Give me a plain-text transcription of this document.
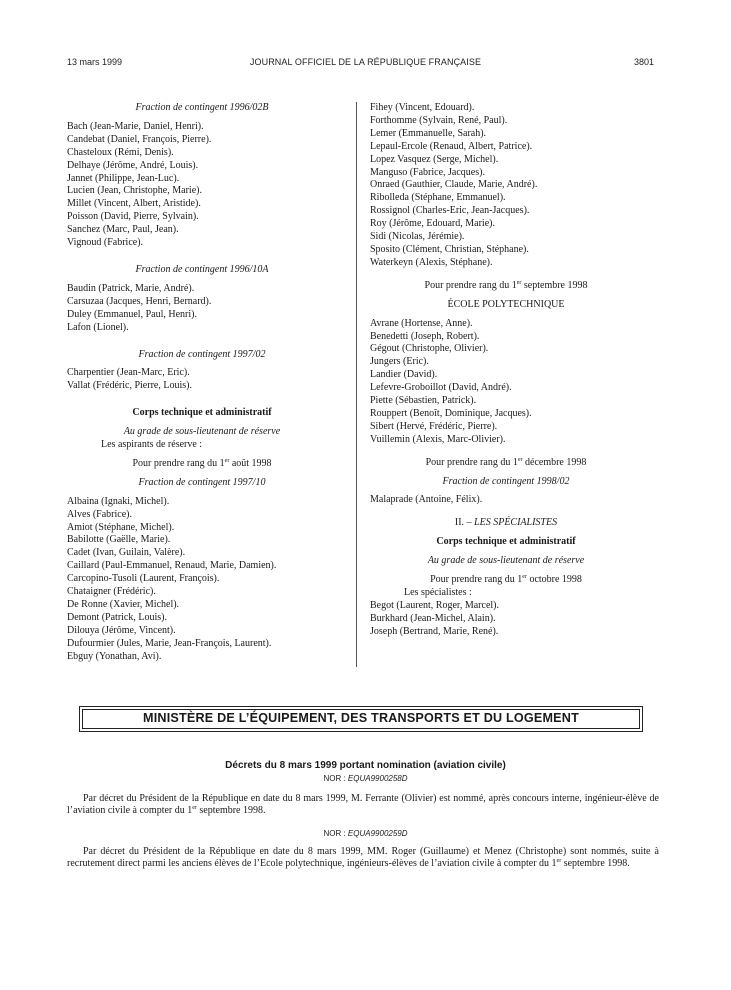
13 mars 1999	JOURNAL OFFICIEL DE LA RÉPUBLIQUE FRANÇAISE	3801

Fraction de contingent 1996/02B

Bach (Jean-Marie, Daniel, Henri).
Candebat (Daniel, François, Pierre).
Chasteloux (Rémi, Denis).
Delhaye (Jérôme, André, Louis).
Jannet (Philippe, Jean-Luc).
Lucien (Jean, Christophe, Marie).
Millet (Vincent, Albert, Aristide).
Poisson (David, Pierre, Sylvain).
Sanchez (Marc, Paul, Jean).
Vignoud (Fabrice).

Fraction de contingent 1996/10A

Baudin (Patrick, Marie, André).
Carsuzaa (Jacques, Henri, Bernard).
Duley (Emmanuel, Paul, Henri).
Lafon (Lionel).

Fraction de contingent 1997/02

Charpentier (Jean-Marc, Eric).
Vallat (Frédéric, Pierre, Louis).

Corps technique et administratif

Au grade de sous-lieutenant de réserve

Les aspirants de réserve :

Pour prendre rang du 1er août 1998

Fraction de contingent 1997/10

Albaina (Ignaki, Michel).
Alves (Fabrice).
Amiot (Stéphane, Michel).
Babilotte (Gaëlle, Marie).
Cadet (Ivan, Guilain, Valère).
Caillard (Paul-Emmanuel, Renaud, Marie, Damien).
Carcopino-Tusoli (Laurent, François).
Chataigner (Frédéric).
De Ronne (Xavier, Michel).
Demont (Patrick, Louis).
Dilouya (Jérôme, Vincent).
Dufourmier (Jules, Marie, Jean-François, Laurent).
Ebguy (Yonathan, Avi).
Fihey (Vincent, Edouard).
Forthomme (Sylvain, René, Paul).
Lemer (Emmanuelle, Sarah).
Lepaul-Ercole (Renaud, Albert, Patrice).
Lopez Vasquez (Serge, Michel).
Manguso (Fabrice, Jacques).
Onraed (Gauthier, Claude, Marie, André).
Ribolleda (Stéphane, Emmanuel).
Rossignol (Charles-Eric, Jean-Jacques).
Roy (Jérôme, Edouard, Marie).
Sidi (Nicolas, Jérémie).
Sposito (Clément, Christian, Stéphane).
Waterkeyn (Alexis, Stéphane).

Pour prendre rang du 1er septembre 1998

ÉCOLE POLYTECHNIQUE

Avrane (Hortense, Anne).
Benedetti (Joseph, Robert).
Gégout (Christophe, Olivier).
Jungers (Eric).
Landier (David).
Lefevre-Groboillot (David, André).
Piette (Sébastien, Patrick).
Rouppert (Benoît, Dominique, Jacques).
Sibert (Hervé, Frédéric, Pierre).
Vuillemin (Alexis, Marc-Olivier).

Pour prendre rang du 1er décembre 1998

Fraction de contingent 1998/02

Malaprade (Antoine, Félix).

II. – LES SPÉCIALISTES

Corps technique et administratif

Au grade de sous-lieutenant de réserve

Pour prendre rang du 1er octobre 1998

Les spécialistes :

Begot (Laurent, Roger, Marcel).
Burkhard (Jean-Michel, Alain).
Joseph (Bertrand, Marie, René).
MINISTÈRE DE L’ÉQUIPEMENT, DES TRANSPORTS ET DU LOGEMENT
Décrets du 8 mars 1999 portant nomination (aviation civile)
NOR : EQUA9900258D

Par décret du Président de la République en date du 8 mars 1999, M. Ferrante (Olivier) est nommé, après concours interne, ingénieur-élève de l’aviation civile à compter du 1er septembre 1998.

NOR : EQUA9900259D

Par décret du Président de la République en date du 8 mars 1999, MM. Roger (Guillaume) et Menez (Christophe) sont nommés, suite à recrutement direct parmi les anciens élèves de l’Ecole polytechnique, ingénieurs-élèves de l’aviation civile à compter du 1er septembre 1998.
